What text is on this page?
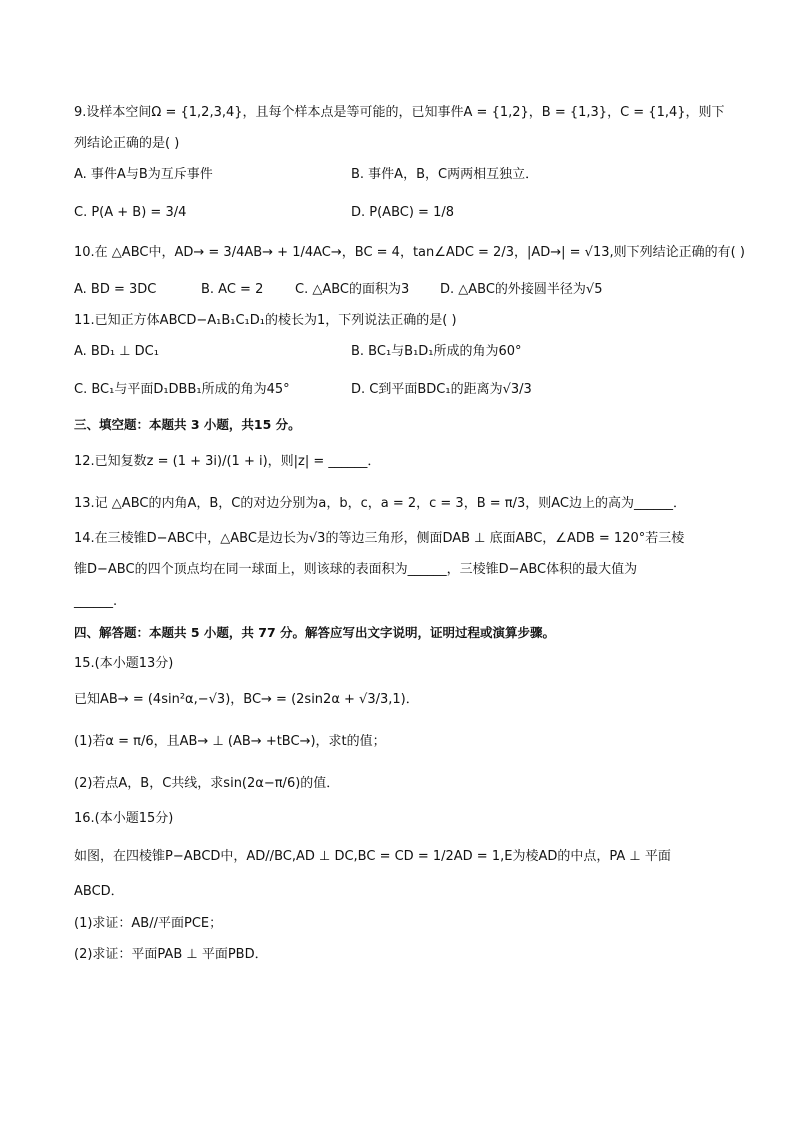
9.设样本空间Ω = {1,2,3,4}，且每个样本点是等可能的，已知事件A = {1,2}，B = {1,3}，C = {1,4}，则下
列结论正确的是( )
A. 事件A与B为互斥事件	B. 事件A，B，C两两相互独立．
C. P(A + B) = 3/4	D. P(ABC) = 1/8
10.在 △ABC中，AD→ = 3/4AB→ + 1/4AC→，BC = 4，tan∠ADC = 2/3，|AD→| = √13,则下列结论正确的有( )
A. BD = 3DC	B. AC = 2 C. △ABC的面积为3 D. △ABC的外接圆半径为√5
11.已知正方体ABCD−A₁B₁C₁D₁的棱长为1，下列说法正确的是( )
A. BD₁ ⊥ DC₁	B. BC₁与B₁D₁所成的角为60°
C. BC₁与平面D₁DBB₁所成的角为45°	D. C到平面BDC₁的距离为√3/3
三、填空题：本题共 3 小题，共15 分。
12.已知复数z = (1 + 3i)/(1 + i)，则|z| = ______．
13.记 △ABC的内角A，B，C的对边分别为a，b，c，a = 2，c = 3，B = π/3，则AC边上的高为______．
14.在三棱锥D−ABC中，△ABC是边长为√3的等边三角形，侧面DAB ⊥ 底面ABC，∠ADB = 120°若三棱
锥D−ABC的四个顶点均在同一球面上，则该球的表面积为______，三棱锥D−ABC体积的最大值为
______.
四、解答题：本题共 5 小题，共 77 分。解答应写出文字说明，证明过程或演算步骤。
15.(本小题13分)
已知AB→ = (4sin²α,−√3)，BC→ = (2sin2α + √3/3,1)．
(1)若α = π/6，且AB→ ⊥ (AB→ +tBC→)，求t的值；
(2)若点A，B，C共线，求sin(2α−π/6)的值．
16.(本小题15分)
如图，在四棱锥P−ABCD中，AD//BC,AD ⊥ DC,BC = CD = 1/2AD = 1,E为棱AD的中点，PA ⊥ 平面
ABCD．
(1)求证：AB//平面PCE；
(2)求证：平面PAB ⊥ 平面PBD．
